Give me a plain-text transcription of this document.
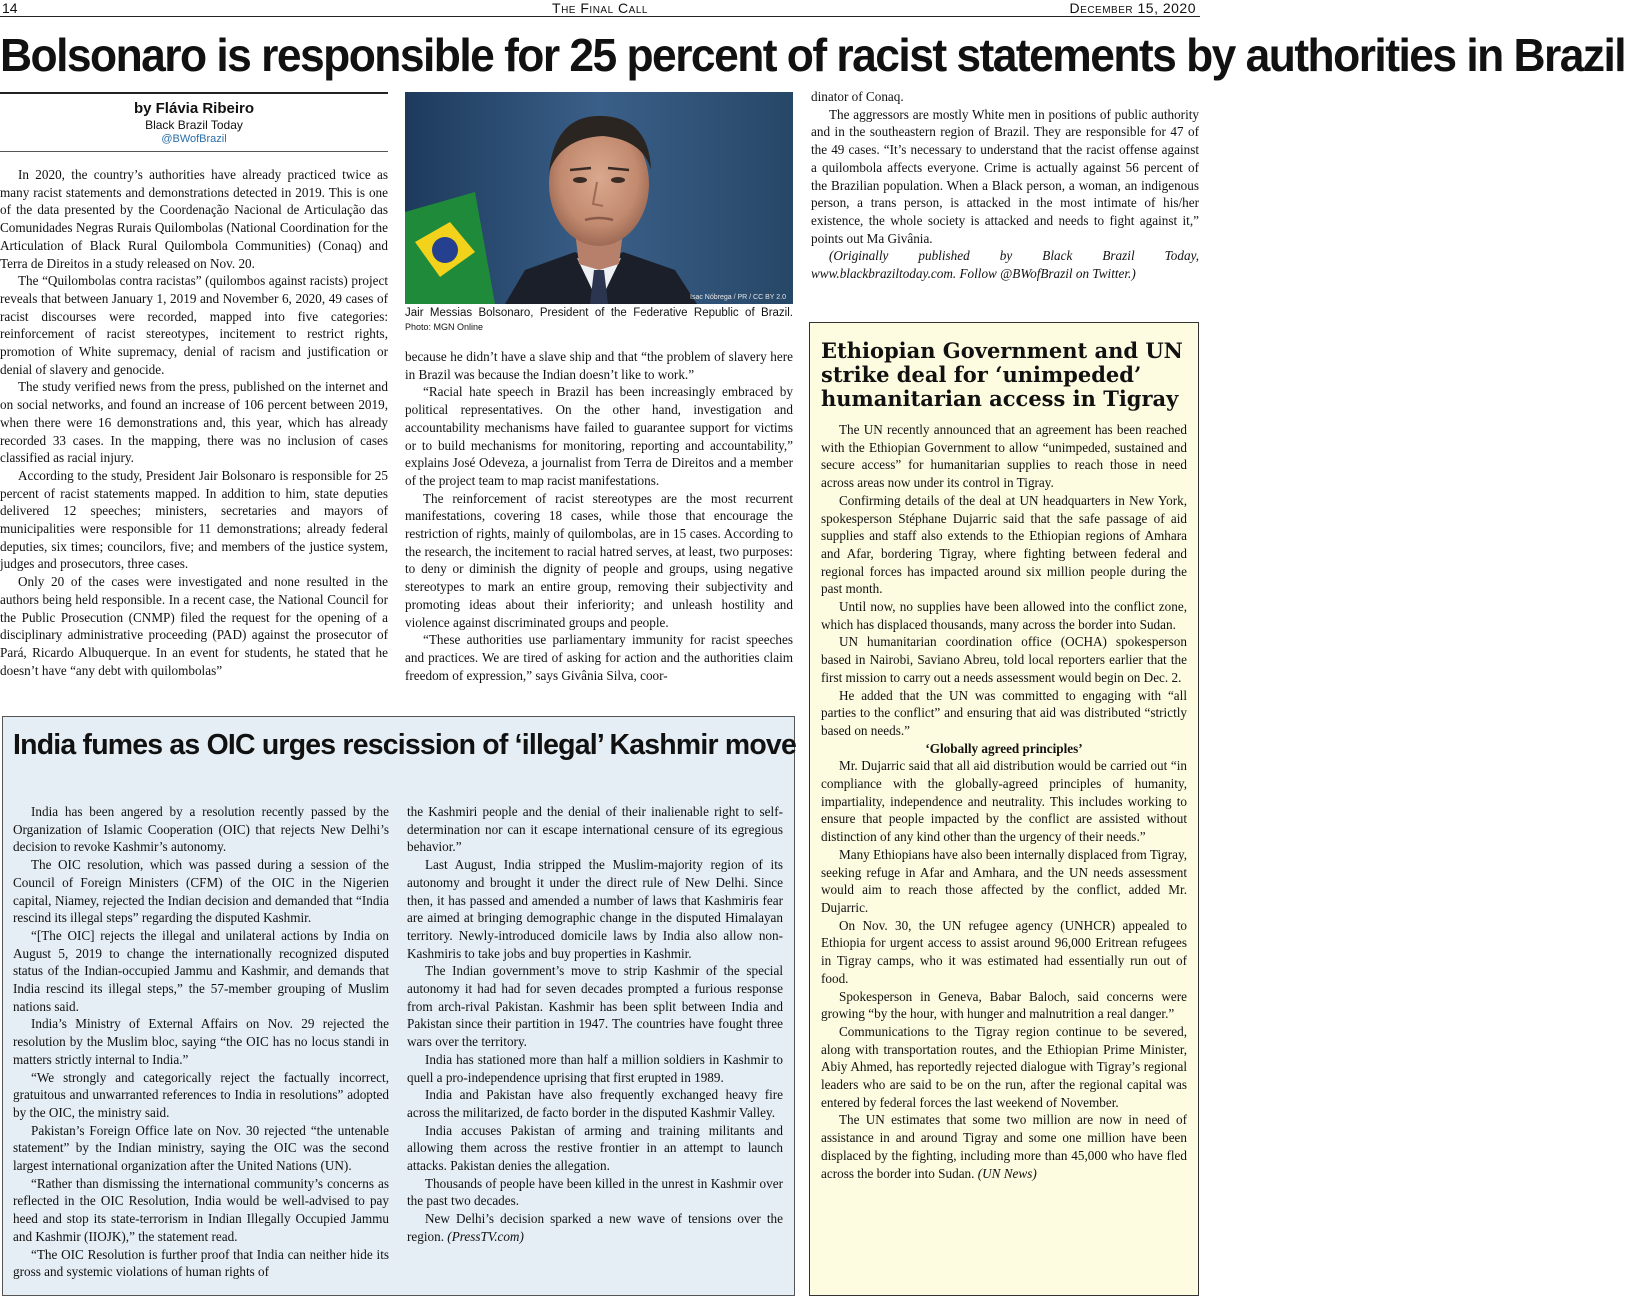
14	The Final Call	December 15, 2020
Bolsonaro is responsible for 25 percent of racist statements by authorities in Brazil
by Flávia Ribeiro
Black Brazil Today
@BWofBrazil

In 2020, the country’s authorities have already practiced twice as many racist statements and demonstrations detected in 2019. This is one of the data presented by the Coordenação Nacional de Articulação das Comunidades Negras Rurais Quilombolas (National Coordination for the Articulation of Black Rural Quilombola Communities) (Conaq) and Terra de Direitos in a study released on Nov. 20.

The “Quilombolas contra racistas” (quilombos against racists) project reveals that between January 1, 2019 and November 6, 2020, 49 cases of racist discourses were recorded, mapped into five categories: reinforcement of racist stereotypes, incitement to restrict rights, promotion of White supremacy, denial of racism and justification or denial of slavery and genocide.

The study verified news from the press, published on the internet and on social networks, and found an increase of 106 percent between 2019, when there were 16 demonstrations and, this year, which has already recorded 33 cases. In the mapping, there was no inclusion of cases classified as racial injury.

According to the study, President Jair Bolsonaro is responsible for 25 percent of racist statements mapped. In addition to him, state deputies delivered 12 speeches; ministers, secretaries and mayors of municipalities were responsible for 11 demonstrations; already federal deputies, six times; councilors, five; and members of the justice system, judges and prosecutors, three cases.

Only 20 of the cases were investigated and none resulted in the authors being held responsible. In a recent case, the National Council for the Public Prosecution (CNMP) filed the request for the opening of a disciplinary administrative proceeding (PAD) against the prosecutor of Pará, Ricardo Albuquerque. In an event for students, he stated that he doesn’t have “any debt with quilombolas”

Isac Nóbrega / PR / CC BY 2.0
Jair Messias Bolsonaro, President of the Federative Republic of Brazil. Photo: MGN Online

because he didn’t have a slave ship and that “the problem of slavery here in Brazil was because the Indian doesn’t like to work.”

“Racial hate speech in Brazil has been increasingly embraced by political representatives. On the other hand, investigation and accountability mechanisms have failed to guarantee support for victims or to build mechanisms for monitoring, reporting and accountability,” explains José Odeveza, a journalist from Terra de Direitos and a member of the project team to map racist manifestations.

The reinforcement of racist stereotypes are the most recurrent manifestations, covering 18 cases, while those that encourage the restriction of rights, mainly of quilombolas, are in 15 cases. According to the research, the incitement to racial hatred serves, at least, two purposes: to deny or diminish the dignity of people and groups, using negative stereotypes to mark an entire group, removing their subjectivity and promoting ideas about their inferiority; and unleash hostility and violence against discriminated groups and people.

“These authorities use parliamentary immunity for racist speeches and practices. We are tired of asking for action and the authorities claim freedom of expression,” says Givânia Silva, coor-

dinator of Conaq.

The aggressors are mostly White men in positions of public authority and in the southeastern region of Brazil. They are responsible for 47 of the 49 cases. “It’s necessary to understand that the racist offense against a quilombola affects everyone. Crime is actually against 56 percent of the Brazilian population. When a Black person, a woman, an indigenous person, a trans person, is attacked in the most intimate of his/her existence, the whole society is attacked and needs to fight against it,” points out Ma Givânia.

(Originally published by Black Brazil Today, www.blackbraziltoday.com. Follow @BWofBrazil on Twitter.)

India fumes as OIC urges rescission of ‘illegal’ Kashmir move

India has been angered by a resolution recently passed by the Organization of Islamic Cooperation (OIC) that rejects New Delhi’s decision to revoke Kashmir’s autonomy.

The OIC resolution, which was passed during a session of the Council of Foreign Ministers (CFM) of the OIC in the Nigerien capital, Niamey, rejected the Indian decision and demanded that “India rescind its illegal steps” regarding the disputed Kashmir.

“[The OIC] rejects the illegal and unilateral actions by India on August 5, 2019 to change the internationally recognized disputed status of the Indian-occupied Jammu and Kashmir, and demands that India rescind its illegal steps,” the 57-member grouping of Muslim nations said.

India’s Ministry of External Affairs on Nov. 29 rejected the resolution by the Muslim bloc, saying “the OIC has no locus standi in matters strictly internal to India.”

“We strongly and categorically reject the factually incorrect, gratuitous and unwarranted references to India in resolutions” adopted by the OIC, the ministry said.

Pakistan’s Foreign Office late on Nov. 30 rejected “the untenable statement” by the Indian ministry, saying the OIC was the second largest international organization after the United Nations (UN).

“Rather than dismissing the international community’s concerns as reflected in the OIC Resolution, India would be well-advised to pay heed and stop its state-terrorism in Indian Illegally Occupied Jammu and Kashmir (IIOJK),” the statement read.

“The OIC Resolution is further proof that India can neither hide its gross and systemic violations of human rights of

the Kashmiri people and the denial of their inalienable right to self-determination nor can it escape international censure of its egregious behavior.”

Last August, India stripped the Muslim-majority region of its autonomy and brought it under the direct rule of New Delhi. Since then, it has passed and amended a number of laws that Kashmiris fear are aimed at bringing demographic change in the disputed Himalayan territory. Newly-introduced domicile laws by India also allow non-Kashmiris to take jobs and buy properties in Kashmir.

The Indian government’s move to strip Kashmir of the special autonomy it had had for seven decades prompted a furious response from arch-rival Pakistan. Kashmir has been split between India and Pakistan since their partition in 1947. The countries have fought three wars over the territory.

India has stationed more than half a million soldiers in Kashmir to quell a pro-independence uprising that first erupted in 1989.

India and Pakistan have also frequently exchanged heavy fire across the militarized, de facto border in the disputed Kashmir Valley.

India accuses Pakistan of arming and training militants and allowing them across the restive frontier in an attempt to launch attacks. Pakistan denies the allegation.

Thousands of people have been killed in the unrest in Kashmir over the past two decades.

New Delhi’s decision sparked a new wave of tensions over the region. (PressTV.com)

Ethiopian Government and UN strike deal for ‘unimpeded’ humanitarian access in Tigray

The UN recently announced that an agreement has been reached with the Ethiopian Government to allow “unimpeded, sustained and secure access” for humanitarian supplies to reach those in need across areas now under its control in Tigray.

Confirming details of the deal at UN headquarters in New York, spokesperson Stéphane Dujarric said that the safe passage of aid supplies and staff also extends to the Ethiopian regions of Amhara and Afar, bordering Tigray, where fighting between federal and regional forces has impacted around six million people during the past month.

Until now, no supplies have been allowed into the conflict zone, which has displaced thousands, many across the border into Sudan.

UN humanitarian coordination office (OCHA) spokesperson based in Nairobi, Saviano Abreu, told local reporters earlier that the first mission to carry out a needs assessment would begin on Dec. 2.

He added that the UN was committed to engaging with “all parties to the conflict” and ensuring that aid was distributed “strictly based on needs.”

‘Globally agreed principles’

Mr. Dujarric said that all aid distribution would be carried out “in compliance with the globally-agreed principles of humanity, impartiality, independence and neutrality. This includes working to ensure that people impacted by the conflict are assisted without distinction of any kind other than the urgency of their needs.”

Many Ethiopians have also been internally displaced from Tigray, seeking refuge in Afar and Amhara, and the UN needs assessment would aim to reach those affected by the conflict, added Mr. Dujarric.

On Nov. 30, the UN refugee agency (UNHCR) appealed to Ethiopia for urgent access to assist around 96,000 Eritrean refugees in Tigray camps, who it was estimated had essentially run out of food.

Spokesperson in Geneva, Babar Baloch, said concerns were growing “by the hour, with hunger and malnutrition a real danger.”

Communications to the Tigray region continue to be severed, along with transportation routes, and the Ethiopian Prime Minister, Abiy Ahmed, has reportedly rejected dialogue with Tigray’s regional leaders who are said to be on the run, after the regional capital was entered by federal forces the last weekend of November.

The UN estimates that some two million are now in need of assistance in and around Tigray and some one million have been displaced by the fighting, including more than 45,000 who have fled across the border into Sudan. (UN News)
